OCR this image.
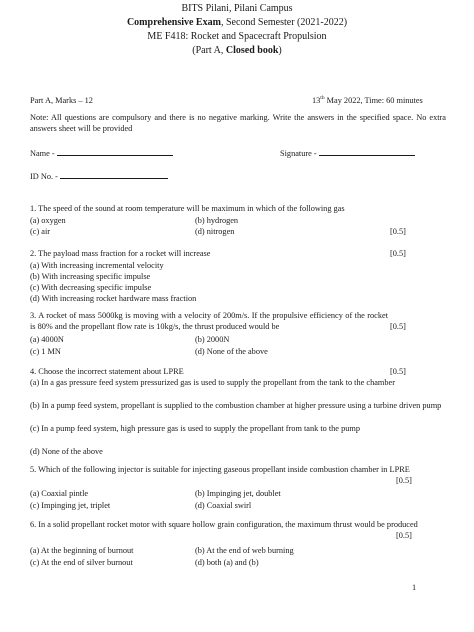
BITS Pilani, Pilani Campus
Comprehensive Exam, Second Semester (2021-2022)
ME F418: Rocket and Spacecraft Propulsion
(Part A, Closed book)
Part A, Marks – 12	13th May 2022, Time: 60 minutes
Note: All questions are compulsory and there is no negative marking. Write the answers in the specified space. No extra answers sheet will be provided
Name -	Signature -
ID No. -
1. The speed of the sound at room temperature will be maximum in which of the following gas
(a) oxygen	(b) hydrogen
(c) air	(d) nitrogen	[0.5]
2. The payload mass fraction for a rocket will increase	[0.5]
(a) With increasing incremental velocity
(b) With increasing specific impulse
(c) With decreasing specific impulse
(d) With increasing rocket hardware mass fraction
3. A rocket of mass 5000kg is moving with a velocity of 200m/s. If the propulsive efficiency of the rocket is 80% and the propellant flow rate is 10kg/s, the thrust produced would be	[0.5]
(a) 4000N	(b) 2000N
(c) 1 MN	(d) None of the above
4. Choose the incorrect statement about LPRE	[0.5]
(a) In a gas pressure feed system pressurized gas is used to supply the propellant from the tank to the chamber
(b) In a pump feed system, propellant is supplied to the combustion chamber at higher pressure using a turbine driven pump
(c) In a pump feed system, high pressure gas is used to supply the propellant from tank to the pump
(d) None of the above
5. Which of the following injector is suitable for injecting gaseous propellant inside combustion chamber in LPRE
[0.5]
(a) Coaxial pintle	(b) Impinging jet, doublet
(c) Impinging jet, triplet	(d) Coaxial swirl
6. In a solid propellant rocket motor with square hollow grain configuration, the maximum thrust would be produced
[0.5]
(a) At the beginning of burnout	(b) At the end of web burning
(c) At the end of silver burnout	(d) both (a) and (b)
1
